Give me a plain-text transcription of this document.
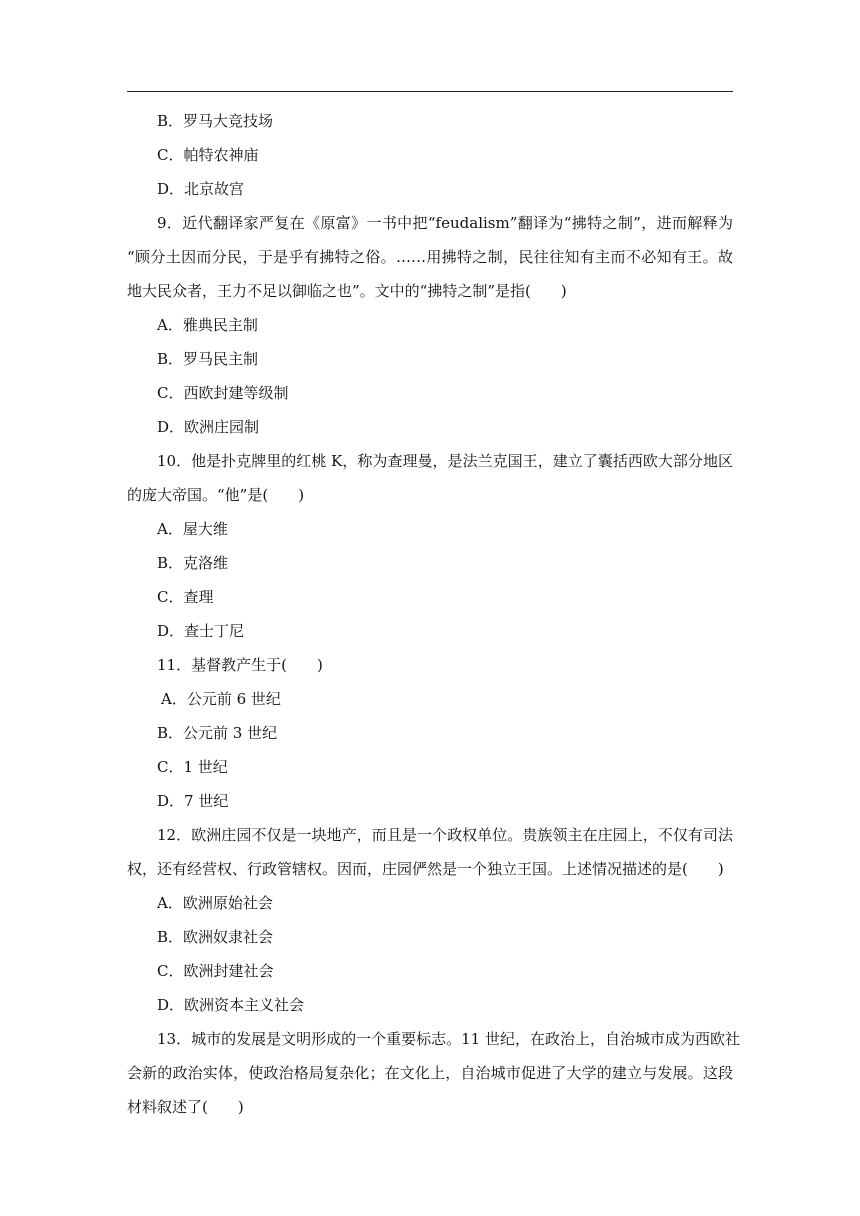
B．罗马大竞技场
C．帕特农神庙
D．北京故宫
9．近代翻译家严复在《原富》一书中把“feudalism”翻译为“拂特之制”，进而解释为
“顾分土因而分民，于是乎有拂特之俗。……用拂特之制，民往往知有主而不必知有王。故
地大民众者，王力不足以御临之也”。文中的“拂特之制”是指(　　)
A．雅典民主制
B．罗马民主制
C．西欧封建等级制
D．欧洲庄园制
10．他是扑克牌里的红桃 K，称为查理曼，是法兰克国王，建立了囊括西欧大部分地区
的庞大帝国。“他”是(　　)
A．屋大维
B．克洛维
C．查理
D．查士丁尼
11．基督教产生于(　　)
A．公元前 6 世纪
B．公元前 3 世纪
C．1 世纪
D．7 世纪
12．欧洲庄园不仅是一块地产，而且是一个政权单位。贵族领主在庄园上，不仅有司法
权，还有经营权、行政管辖权。因而，庄园俨然是一个独立王国。上述情况描述的是(　　)
A．欧洲原始社会
B．欧洲奴隶社会
C．欧洲封建社会
D．欧洲资本主义社会
13．城市的发展是文明形成的一个重要标志。11 世纪，在政治上，自治城市成为西欧社
会新的政治实体，使政治格局复杂化；在文化上，自治城市促进了大学的建立与发展。这段
材料叙述了(　　)
